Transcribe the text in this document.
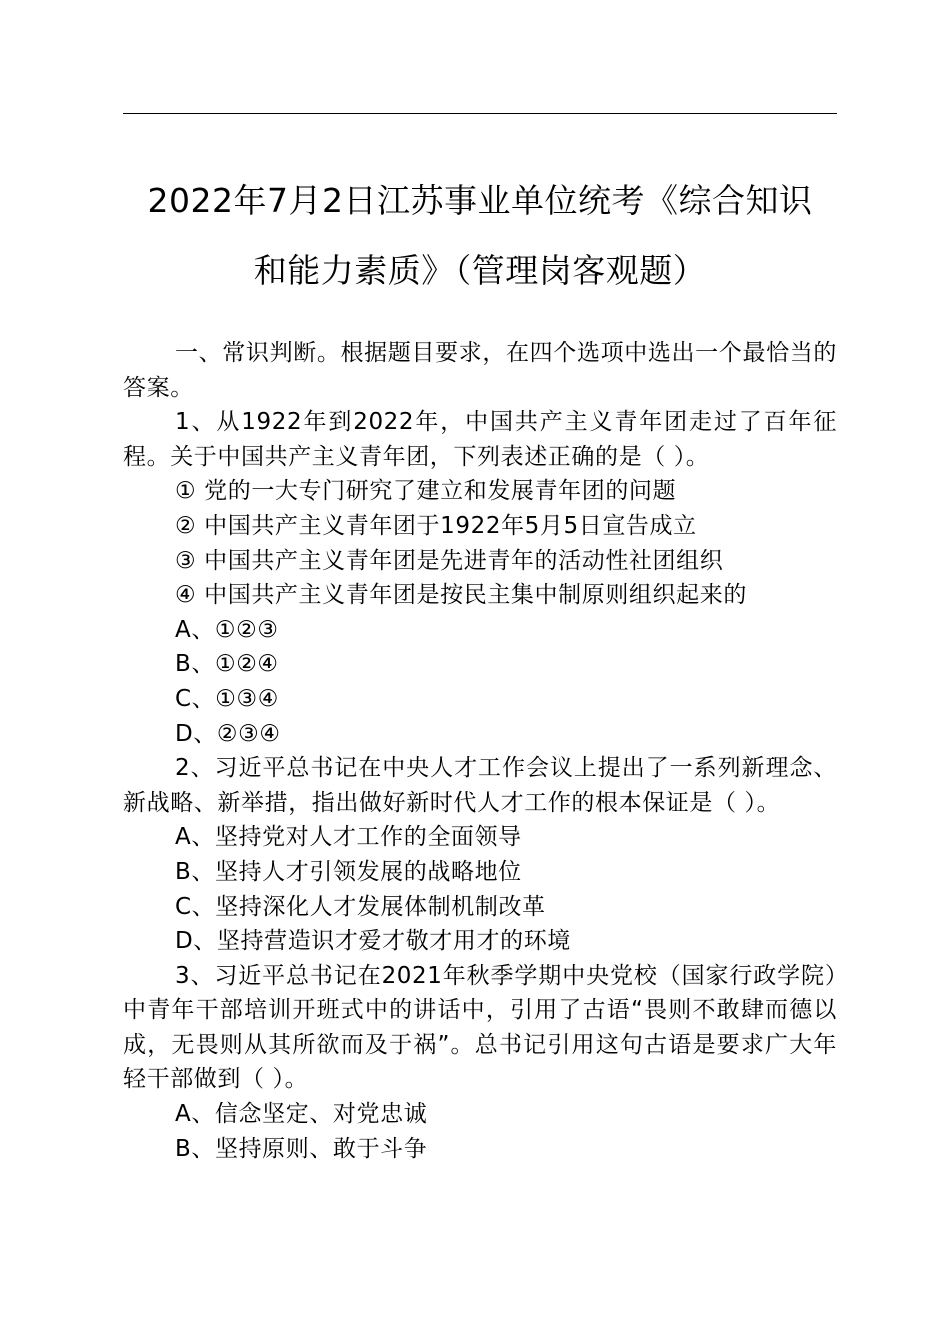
2022年7月2日江苏事业单位统考《综合知识
和能力素质》（管理岗客观题）

一、常识判断。根据题目要求，在四个选项中选出一个最恰当的答案。

1、从1922年到2022年，中国共产主义青年团走过了百年征程。关于中国共产主义青年团，下列表述正确的是（ ）。

① 党的一大专门研究了建立和发展青年团的问题

② 中国共产主义青年团于1922年5月5日宣告成立

③ 中国共产主义青年团是先进青年的活动性社团组织

④ 中国共产主义青年团是按民主集中制原则组织起来的

A、①②③

B、①②④

C、①③④

D、②③④

2、习近平总书记在中央人才工作会议上提出了一系列新理念、新战略、新举措，指出做好新时代人才工作的根本保证是（ ）。

A、坚持党对人才工作的全面领导

B、坚持人才引领发展的战略地位

C、坚持深化人才发展体制机制改革

D、坚持营造识才爱才敬才用才的环境

3、习近平总书记在2021年秋季学期中央党校（国家行政学院）中青年干部培训开班式中的讲话中，引用了古语“畏则不敢肆而德以成，无畏则从其所欲而及于祸”。总书记引用这句古语是要求广大年轻干部做到（ ）。

A、信念坚定、对党忠诚

B、坚持原则、敢于斗争
